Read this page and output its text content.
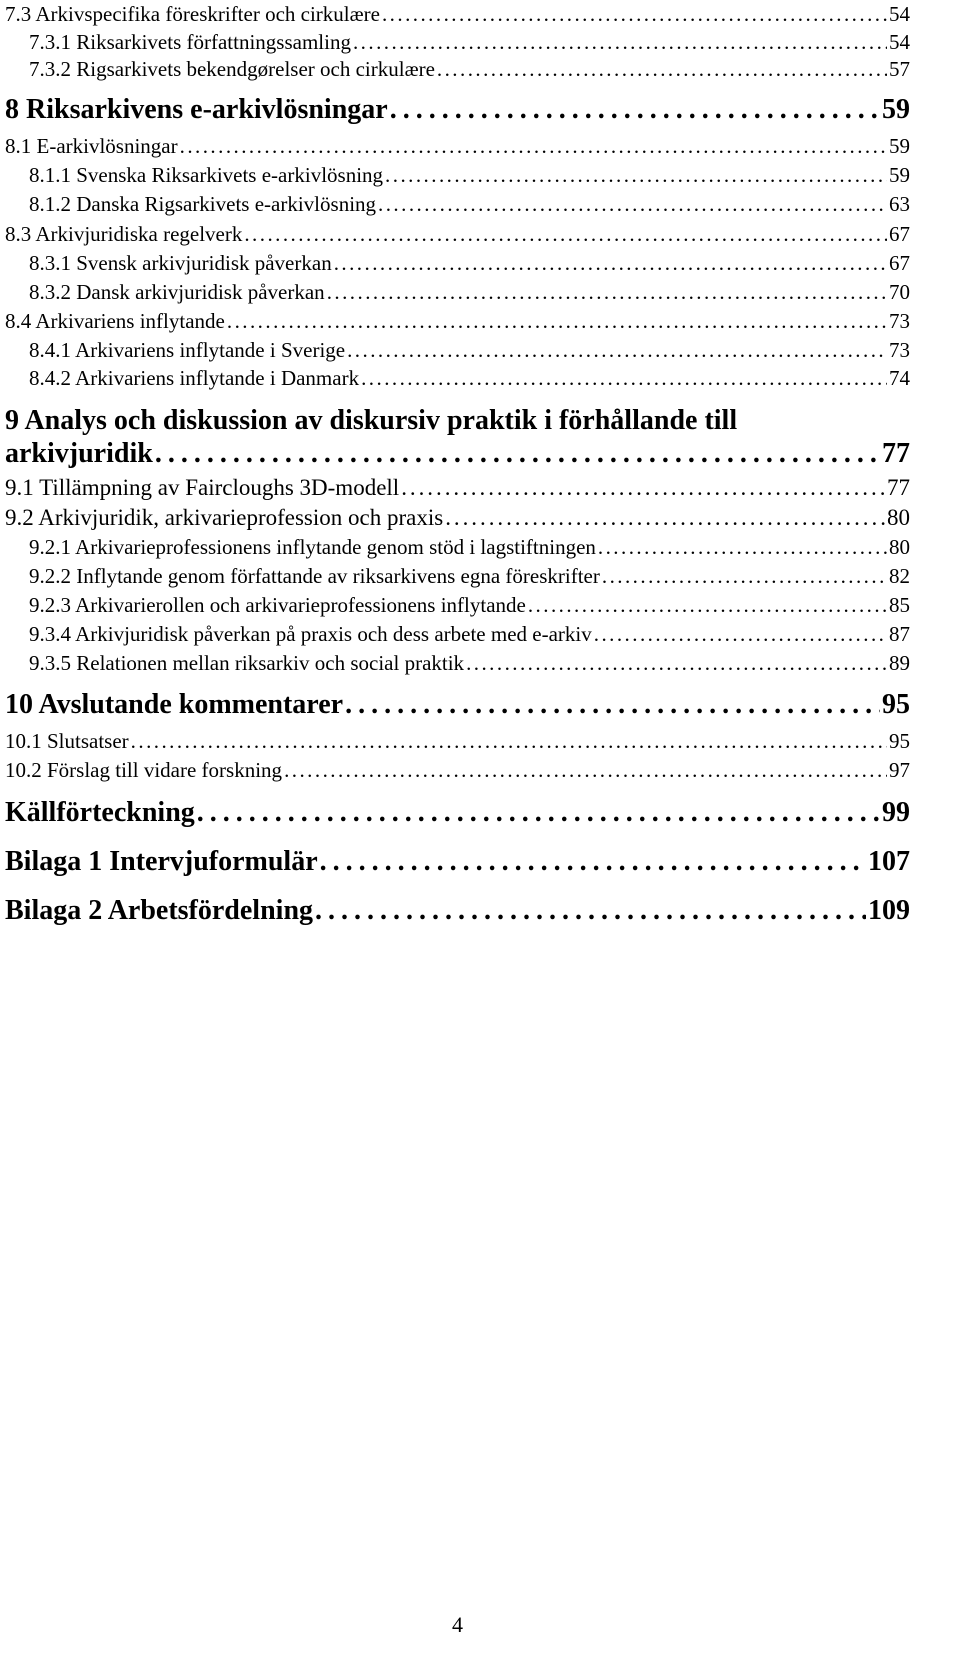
7.3 Arkivspecifika föreskrifter och cirkulære . . .	54
7.3.1 Riksarkivets författningssamling . . .	54
7.3.2 Rigsarkivets bekendgørelser och cirkulære . . .	57
8 Riksarkivens e-arkivlösningar . . .	59
8.1 E-arkivlösningar . . .	59
8.1.1 Svenska Riksarkivets e-arkivlösning . . .	59
8.1.2 Danska Rigsarkivets e-arkivlösning . . .	63
8.3 Arkivjuridiska regelverk . . .	67
8.3.1 Svensk arkivjuridisk påverkan . . .	67
8.3.2 Dansk arkivjuridisk påverkan . . .	70
8.4 Arkivariens inflytande . . .	73
8.4.1 Arkivariens inflytande i Sverige . . .	73
8.4.2 Arkivariens inflytande i Danmark . . .	74
9 Analys och diskussion av diskursiv praktik i förhållande till
arkivjuridik . . .	77
9.1 Tillämpning av Faircloughs 3D-modell . . .	77
9.2 Arkivjuridik, arkivarieprofession och praxis . . .	80
9.2.1 Arkivarieprofessionens inflytande genom stöd i lagstiftningen . . .	80
9.2.2 Inflytande genom författande av riksarkivens egna föreskrifter . . .	82
9.2.3 Arkivarierollen och arkivarieprofessionens inflytande . . .	85
9.3.4 Arkivjuridisk påverkan på praxis och dess arbete med e-arkiv . . .	87
9.3.5 Relationen mellan riksarkiv och social praktik . . .	89
10 Avslutande kommentarer . . .	95
10.1 Slutsatser . . .	95
10.2 Förslag till vidare forskning . . .	97
Källförteckning . . .	99
Bilaga 1 Intervjuformulär . . .	107
Bilaga 2 Arbetsfördelning . . .	109
4
